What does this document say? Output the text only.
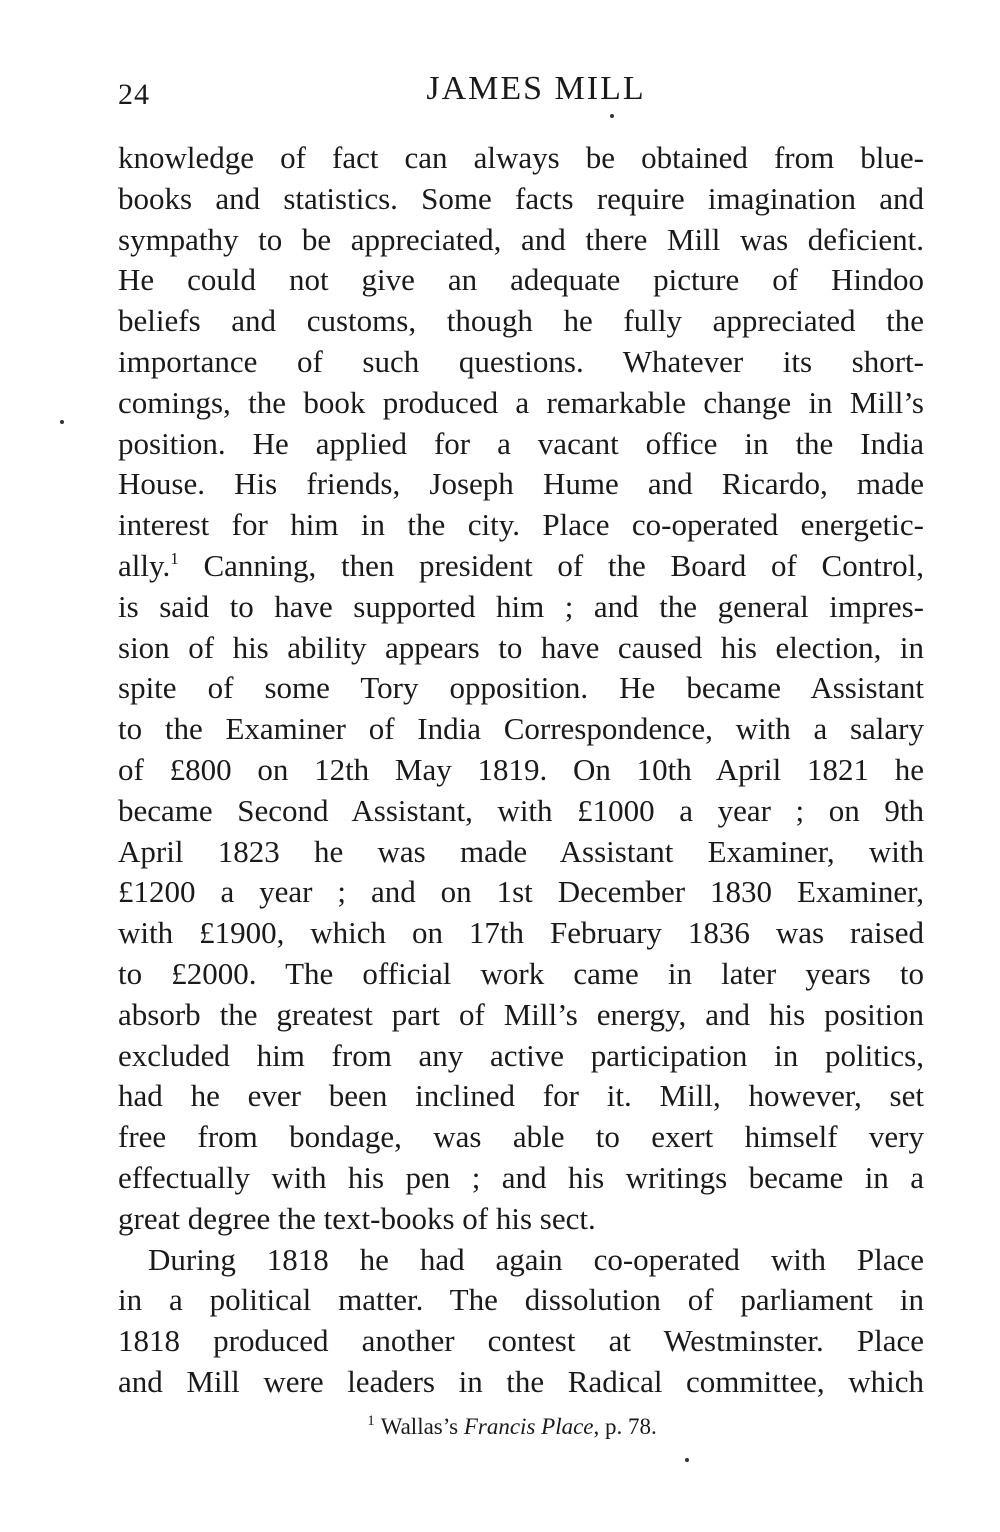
24	JAMES MILL
knowledge of fact can always be obtained from blue-
books and statistics. Some facts require imagination and
sympathy to be appreciated, and there Mill was deficient.
He could not give an adequate picture of Hindoo
beliefs and customs, though he fully appreciated the
importance of such questions. Whatever its short-
comings, the book produced a remarkable change in Mill’s
position. He applied for a vacant office in the India
House. His friends, Joseph Hume and Ricardo, made
interest for him in the city. Place co-operated energetic-
ally.$^1$ Canning, then president of the Board of Control,
is said to have supported him ; and the general impres-
sion of his ability appears to have caused his election, in
spite of some Tory opposition. He became Assistant
to the Examiner of India Correspondence, with a salary
of £800 on 12th May 1819. On 10th April 1821 he
became Second Assistant, with £1000 a year ; on 9th
April 1823 he was made Assistant Examiner, with
£1200 a year ; and on 1st December 1830 Examiner,
with £1900, which on 17th February 1836 was raised
to £2000. The official work came in later years to
absorb the greatest part of Mill’s energy, and his position
excluded him from any active participation in politics,
had he ever been inclined for it. Mill, however, set
free from bondage, was able to exert himself very
effectually with his pen ; and his writings became in a
great degree the text-books of his sect.
During 1818 he had again co-operated with Place
in a political matter. The dissolution of parliament in
1818 produced another contest at Westminster. Place
and Mill were leaders in the Radical committee, which
$^1$ Wallas’s Francis Place, p. 78.
